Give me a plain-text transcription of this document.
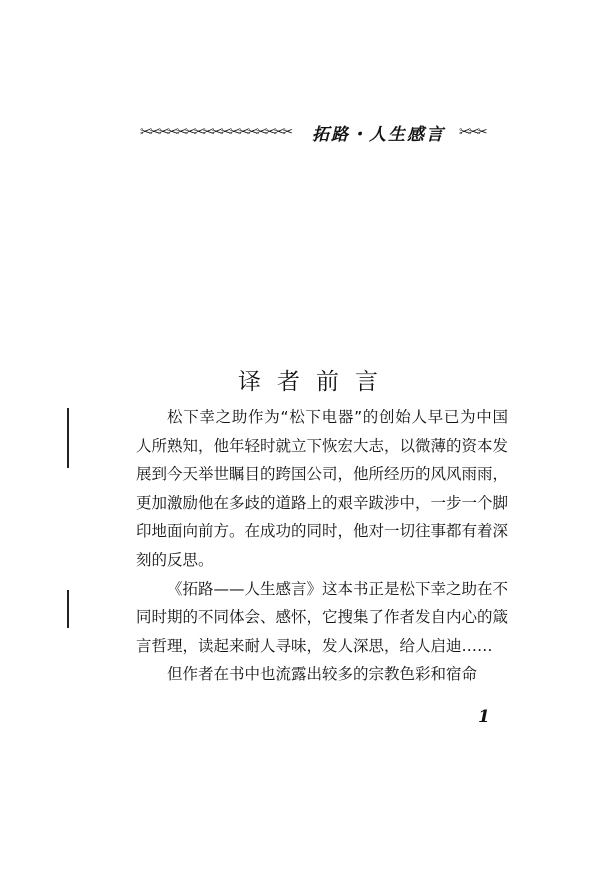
✂✂✂✂✂✂✂✂✂✂✂✂✂✂✂✂✂	拓路・人生感言 ✂✂✂
译者前言

松下幸之助作为“松下电器”的创始人早已为中国人所熟知，他年轻时就立下恢宏大志，以微薄的资本发展到今天举世瞩目的跨国公司，他所经历的风风雨雨，更加激励他在多歧的道路上的艰辛跋涉中，一步一个脚印地面向前方。在成功的同时，他对一切往事都有着深刻的反思。

《拓路——人生感言》这本书正是松下幸之助在不同时期的不同体会、感怀，它搜集了作者发自内心的箴言哲理，读起来耐人寻味，发人深思，给人启迪……

但作者在书中也流露出较多的宗教色彩和宿命

1
